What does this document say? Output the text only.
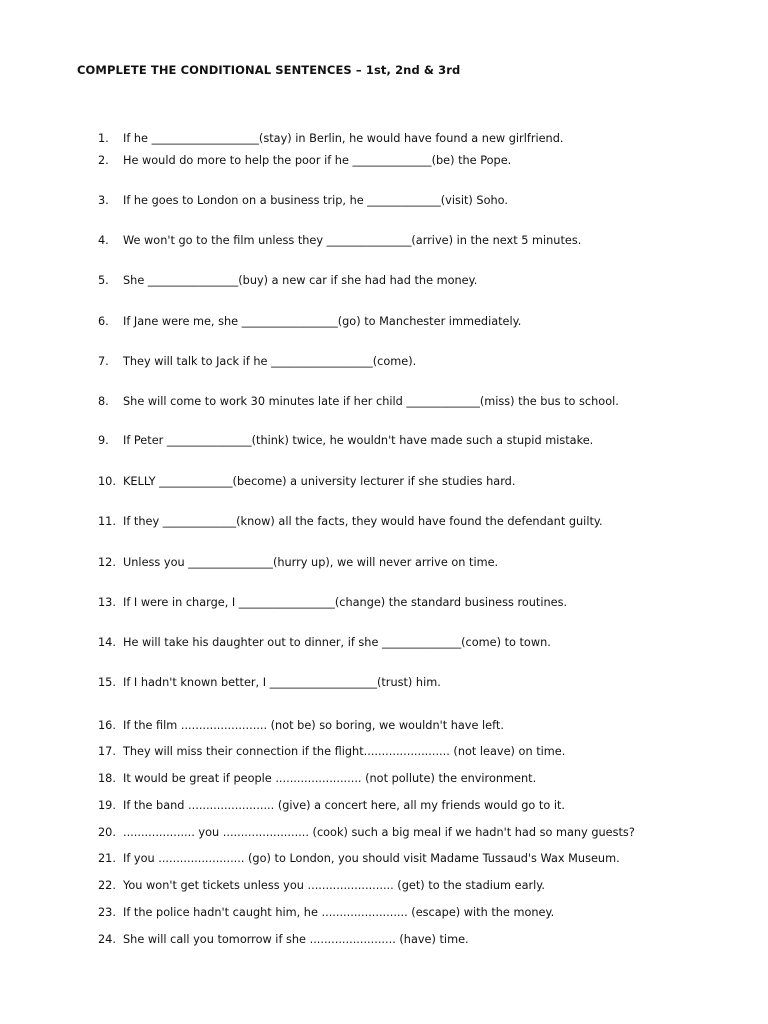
COMPLETE THE CONDITIONAL SENTENCES – 1st, 2nd & 3rd
1. If he ___________________(stay) in Berlin, he would have found a new girlfriend.
2. He would do more to help the poor if he ______________(be) the Pope.
3. If he goes to London on a business trip, he _____________(visit) Soho.
4.We won't go to the film unless they _______________(arrive) in the next 5 minutes.
5. She ________________(buy) a new car if she had had the money.
6. If Jane were me, she _________________(go) to Manchester immediately.
7. They will talk to Jack if he __________________(come).
8. She will come to work 30 minutes late if her child _____________(miss) the bus to school.
9. If Peter _______________(think) twice, he wouldn't have made such a stupid mistake.
10. KELLY _____________(become) a university lecturer if she studies hard.
11. If they _____________(know) all the facts, they would have found the defendant guilty.
12. Unless you _______________(hurry up), we will never arrive on time.
13. If I were in charge, I _________________(change) the standard business routines.
14. He will take his daughter out to dinner, if she ______________(come) to town.
15. If I hadn't known better, I ___________________(trust) him.
16. If the film ........................ (not be) so boring, we wouldn't have left.
17. They will miss their connection if the flight........................ (not leave) on time.
18. It would be great if people ........................ (not pollute) the environment.
19. If the band ........................ (give) a concert here, all my friends would go to it.
20. .................... you ........................ (cook) such a big meal if we hadn't had so many guests?
21. If you ........................ (go) to London, you should visit Madame Tussaud's Wax Museum.
22. You won't get tickets unless you ........................ (get) to the stadium early.
23. If the police hadn't caught him, he ........................ (escape) with the money.
24. She will call you tomorrow if she ........................ (have) time.
